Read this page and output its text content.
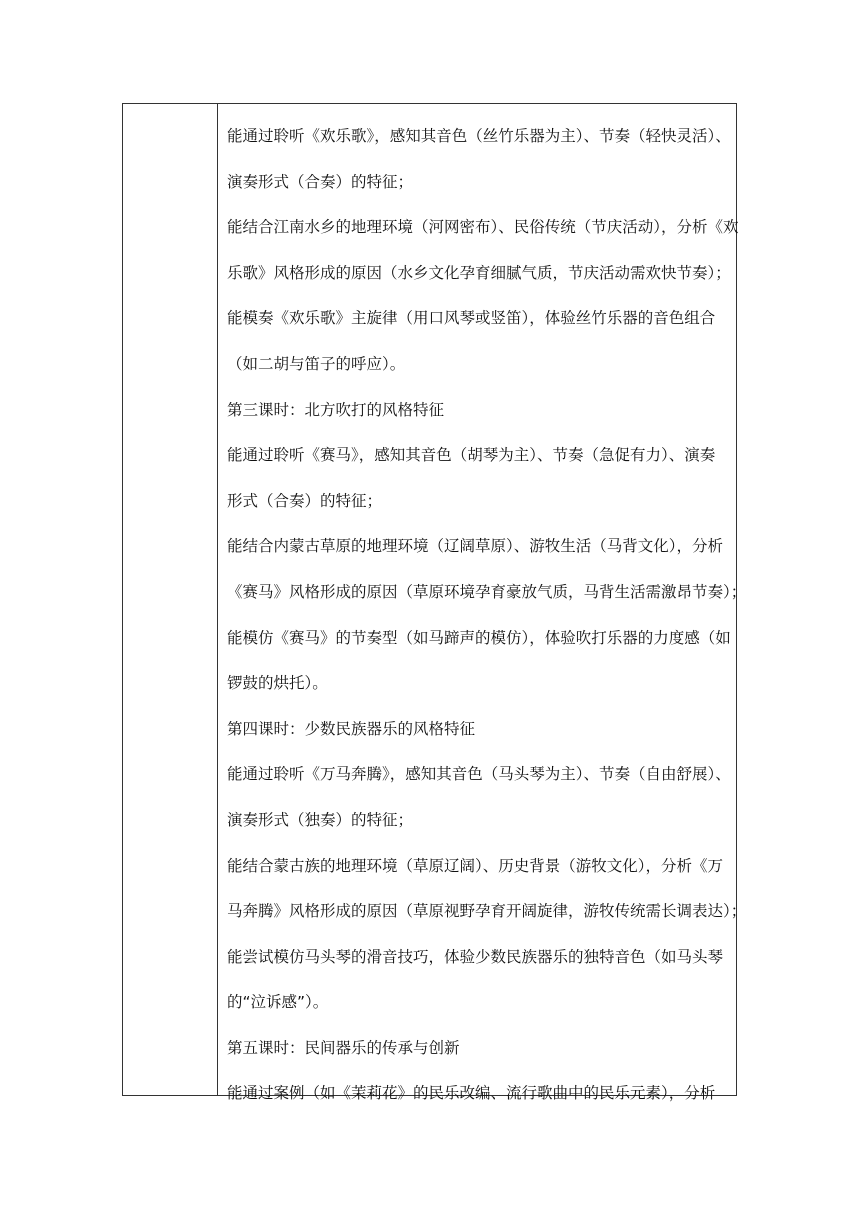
能通过聆听《欢乐歌》，感知其音色（丝竹乐器为主）、节奏（轻快灵活）、
演奏形式（合奏）的特征；
能结合江南水乡的地理环境（河网密布）、民俗传统（节庆活动），分析《欢
乐歌》风格形成的原因（水乡文化孕育细腻气质，节庆活动需欢快节奏）；
能模奏《欢乐歌》主旋律（用口风琴或竖笛），体验丝竹乐器的音色组合
（如二胡与笛子的呼应）。
第三课时：北方吹打的风格特征
能通过聆听《赛马》，感知其音色（胡琴为主）、节奏（急促有力）、演奏
形式（合奏）的特征；
能结合内蒙古草原的地理环境（辽阔草原）、游牧生活（马背文化），分析
《赛马》风格形成的原因（草原环境孕育豪放气质，马背生活需激昂节奏）；
能模仿《赛马》的节奏型（如马蹄声的模仿），体验吹打乐器的力度感（如
锣鼓的烘托）。
第四课时：少数民族器乐的风格特征
能通过聆听《万马奔腾》，感知其音色（马头琴为主）、节奏（自由舒展）、
演奏形式（独奏）的特征；
能结合蒙古族的地理环境（草原辽阔）、历史背景（游牧文化），分析《万
马奔腾》风格形成的原因（草原视野孕育开阔旋律，游牧传统需长调表达）；
能尝试模仿马头琴的滑音技巧，体验少数民族器乐的独特音色（如马头琴
的“泣诉感”）。
第五课时：民间器乐的传承与创新
能通过案例（如《茉莉花》的民乐改编、流行歌曲中的民乐元素），分析
